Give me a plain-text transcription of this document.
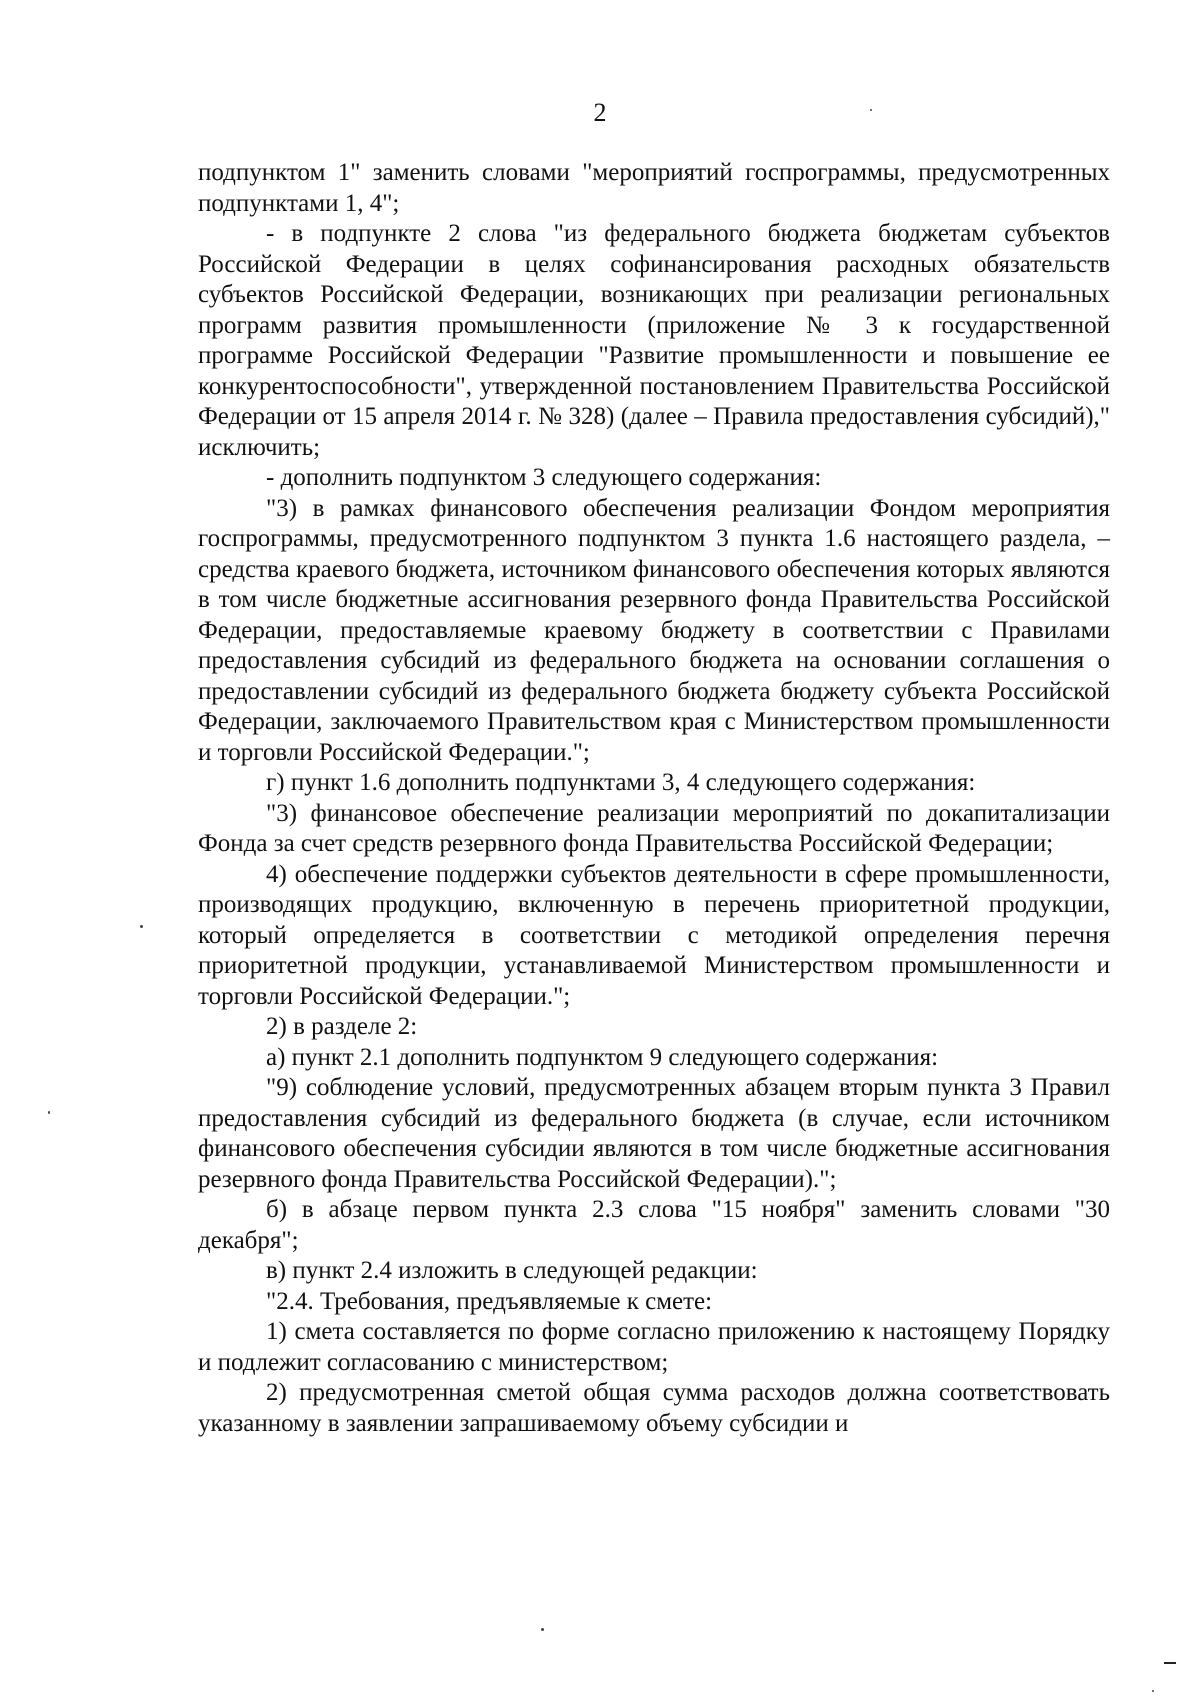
2

подпунктом 1" заменить словами "мероприятий госпрограммы, предусмотренных подпунктами 1, 4";

- в подпункте 2 слова "из федерального бюджета бюджетам субъектов Российской Федерации в целях софинансирования расходных обязательств субъектов Российской Федерации, возникающих при реализации региональных программ развития промышленности (приложение № 3 к государственной программе Российской Федерации "Развитие промышленности и повышение ее конкурентоспособности", утвержденной постановлением Правительства Российской Федерации от 15 апреля 2014 г. № 328) (далее – Правила предоставления субсидий)," исключить;

- дополнить подпунктом 3 следующего содержания:

"3) в рамках финансового обеспечения реализации Фондом мероприятия госпрограммы, предусмотренного подпунктом 3 пункта 1.6 настоящего раздела, – средства краевого бюджета, источником финансового обеспечения которых являются в том числе бюджетные ассигнования резервного фонда Правительства Российской Федерации, предоставляемые краевому бюджету в соответствии с Правилами предоставления субсидий из федерального бюджета на основании соглашения о предоставлении субсидий из федерального бюджета бюджету субъекта Российской Федерации, заключаемого Правительством края с Министерством промышленности и торговли Российской Федерации.";

г) пункт 1.6 дополнить подпунктами 3, 4 следующего содержания:

"3) финансовое обеспечение реализации мероприятий по докапитализации Фонда за счет средств резервного фонда Правительства Российской Федерации;

4) обеспечение поддержки субъектов деятельности в сфере промышленности, производящих продукцию, включенную в перечень приоритетной продукции, который определяется в соответствии с методикой определения перечня приоритетной продукции, устанавливаемой Министерством промышленности и торговли Российской Федерации.";

2) в разделе 2:

а) пункт 2.1 дополнить подпунктом 9 следующего содержания:

"9) соблюдение условий, предусмотренных абзацем вторым пункта 3 Правил предоставления субсидий из федерального бюджета (в случае, если источником финансового обеспечения субсидии являются в том числе бюджетные ассигнования резервного фонда Правительства Российской Федерации).";

б) в абзаце первом пункта 2.3 слова "15 ноября" заменить словами "30 декабря";

в) пункт 2.4 изложить в следующей редакции:

"2.4. Требования, предъявляемые к смете:

1) смета составляется по форме согласно приложению к настоящему Порядку и подлежит согласованию с министерством;

2) предусмотренная сметой общая сумма расходов должна соответствовать указанному в заявлении запрашиваемому объему субсидии и
